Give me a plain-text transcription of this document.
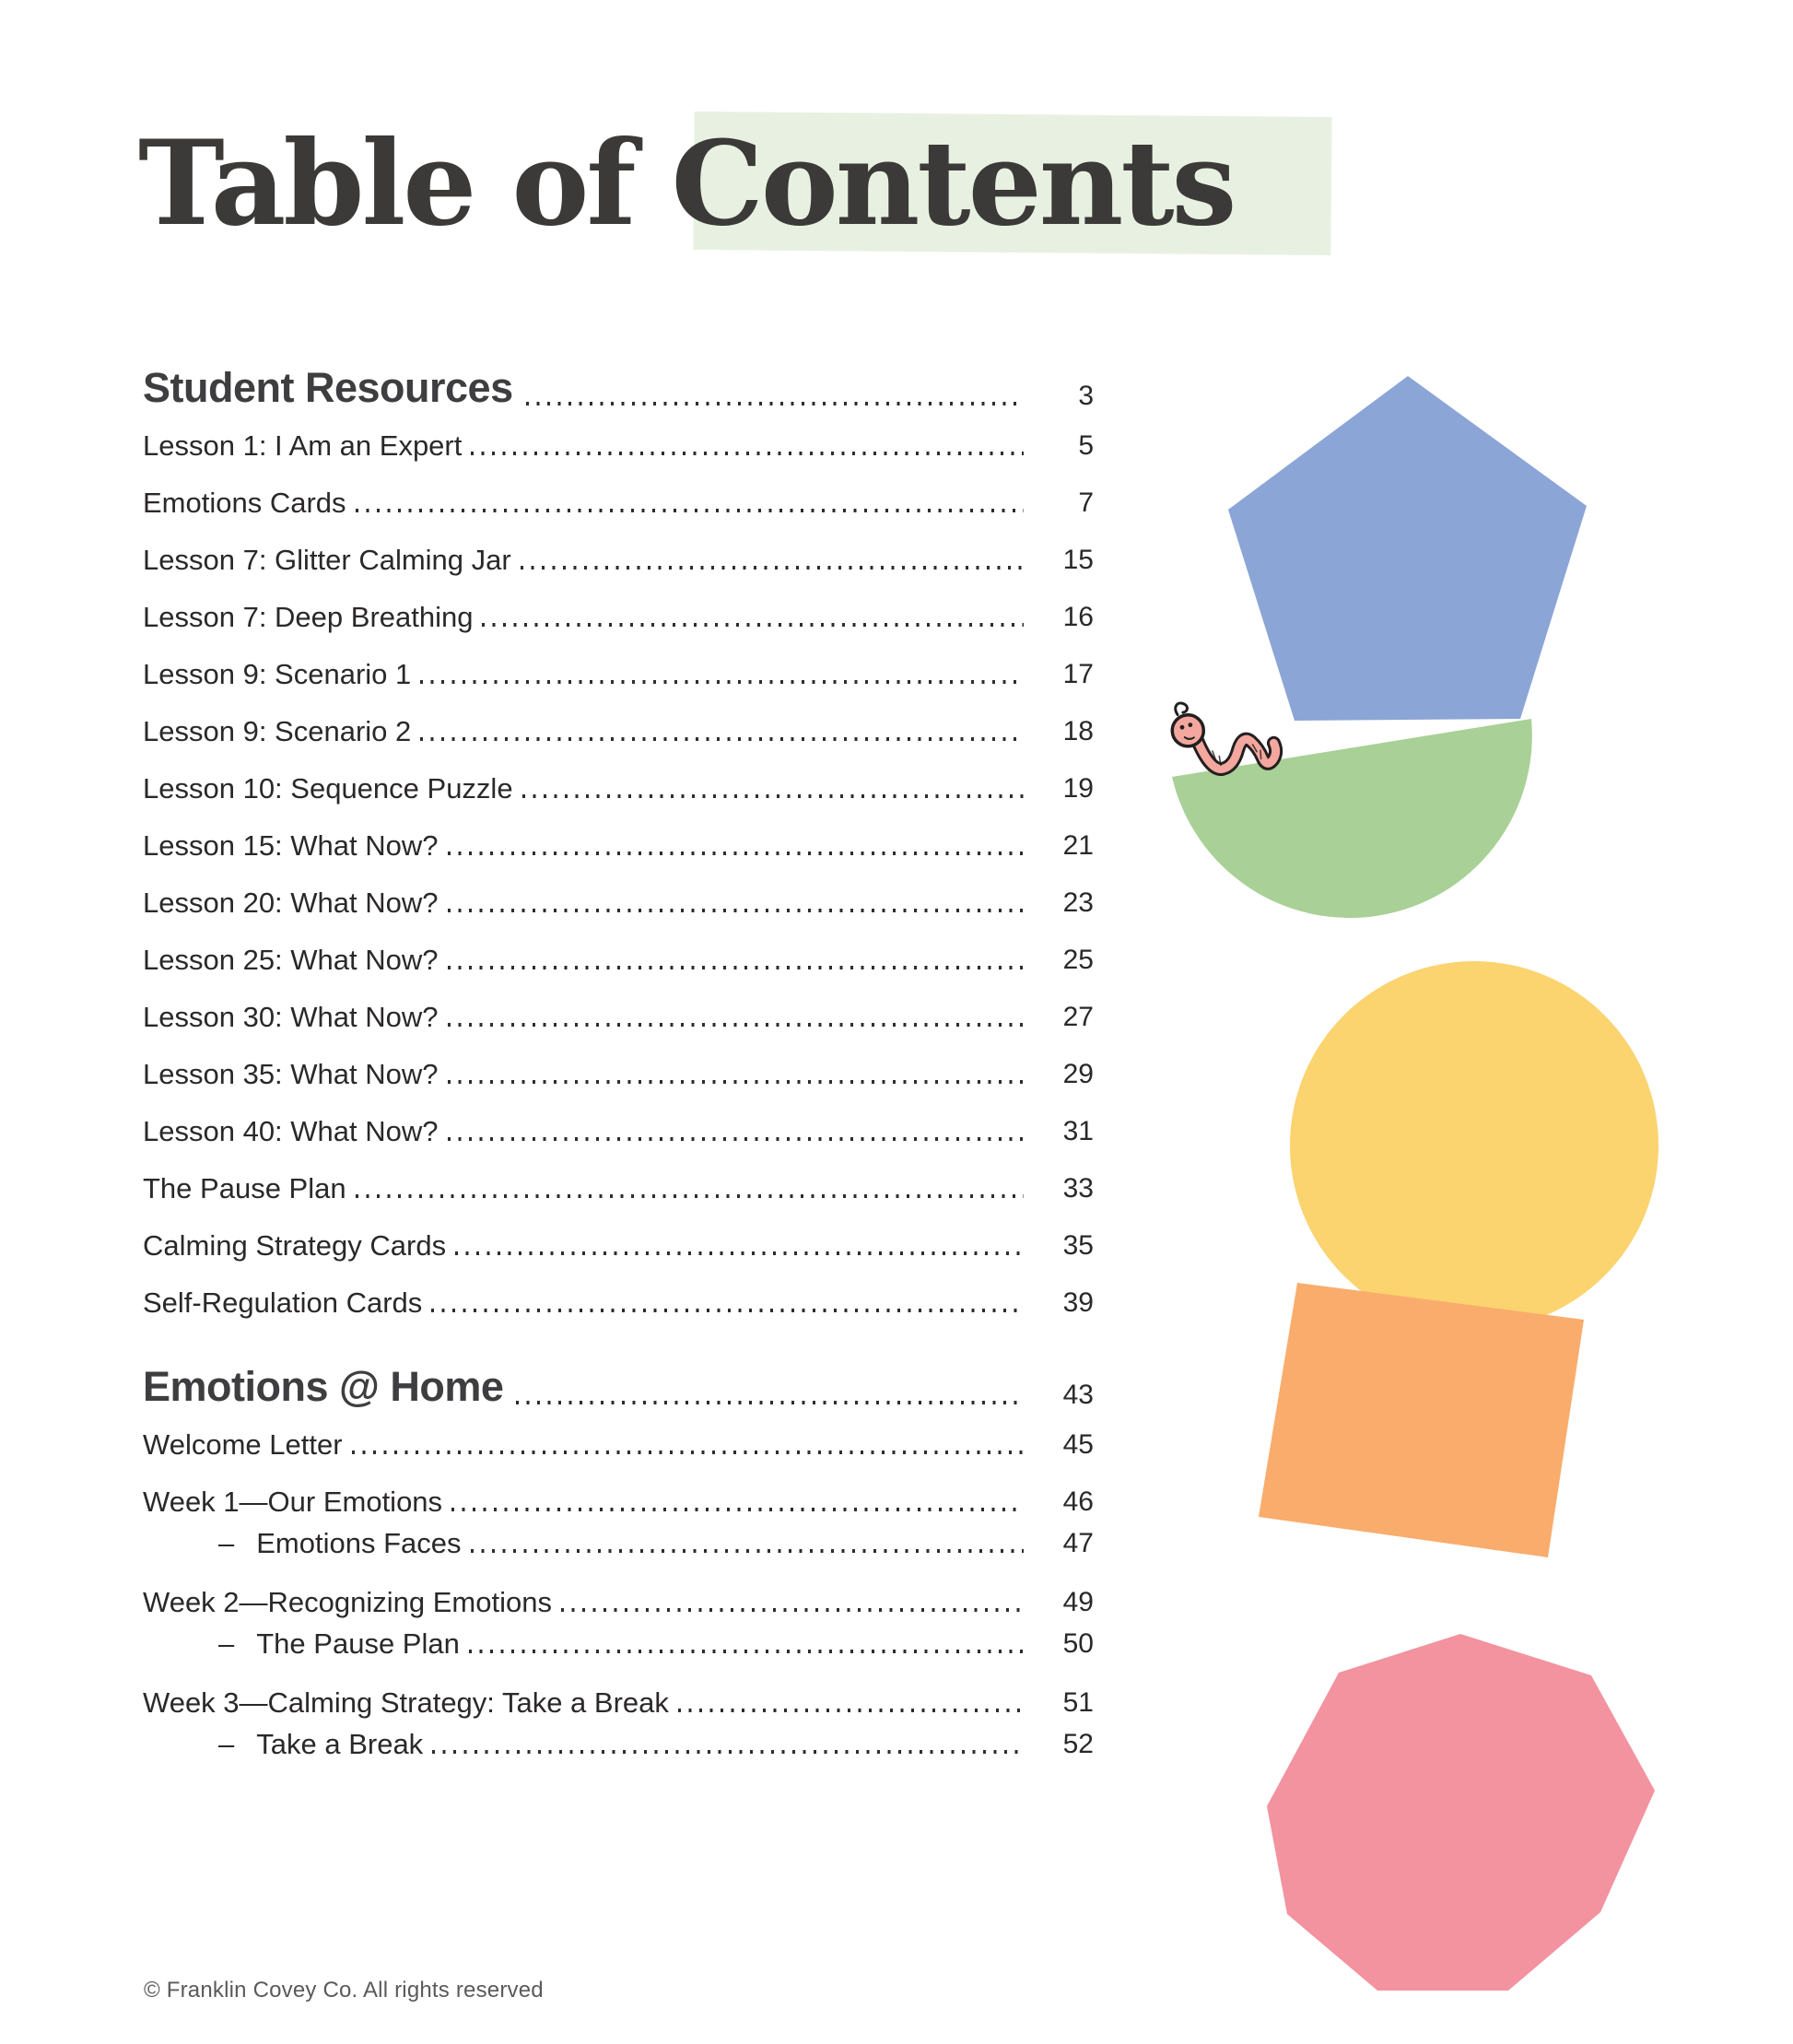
Table of Contents
Student Resources	3
Lesson 1: I Am an Expert	5
Emotions Cards	7
Lesson 7: Glitter Calming Jar	15
Lesson 7: Deep Breathing	16
Lesson 9: Scenario 1	17
Lesson 9: Scenario 2	18
Lesson 10: Sequence Puzzle	19
Lesson 15: What Now?	21
Lesson 20: What Now?	23
Lesson 25: What Now?	25
Lesson 30: What Now?	27
Lesson 35: What Now?	29
Lesson 40: What Now?	31
The Pause Plan	33
Calming Strategy Cards	35
Self-Regulation Cards	39
Emotions @ Home	43
Welcome Letter	45
Week 1—Our Emotions	46
– Emotions Faces	47
Week 2—Recognizing Emotions	49
– The Pause Plan	50
Week 3—Calming Strategy: Take a Break	51
– Take a Break	52
© Franklin Covey Co. All rights reserved
